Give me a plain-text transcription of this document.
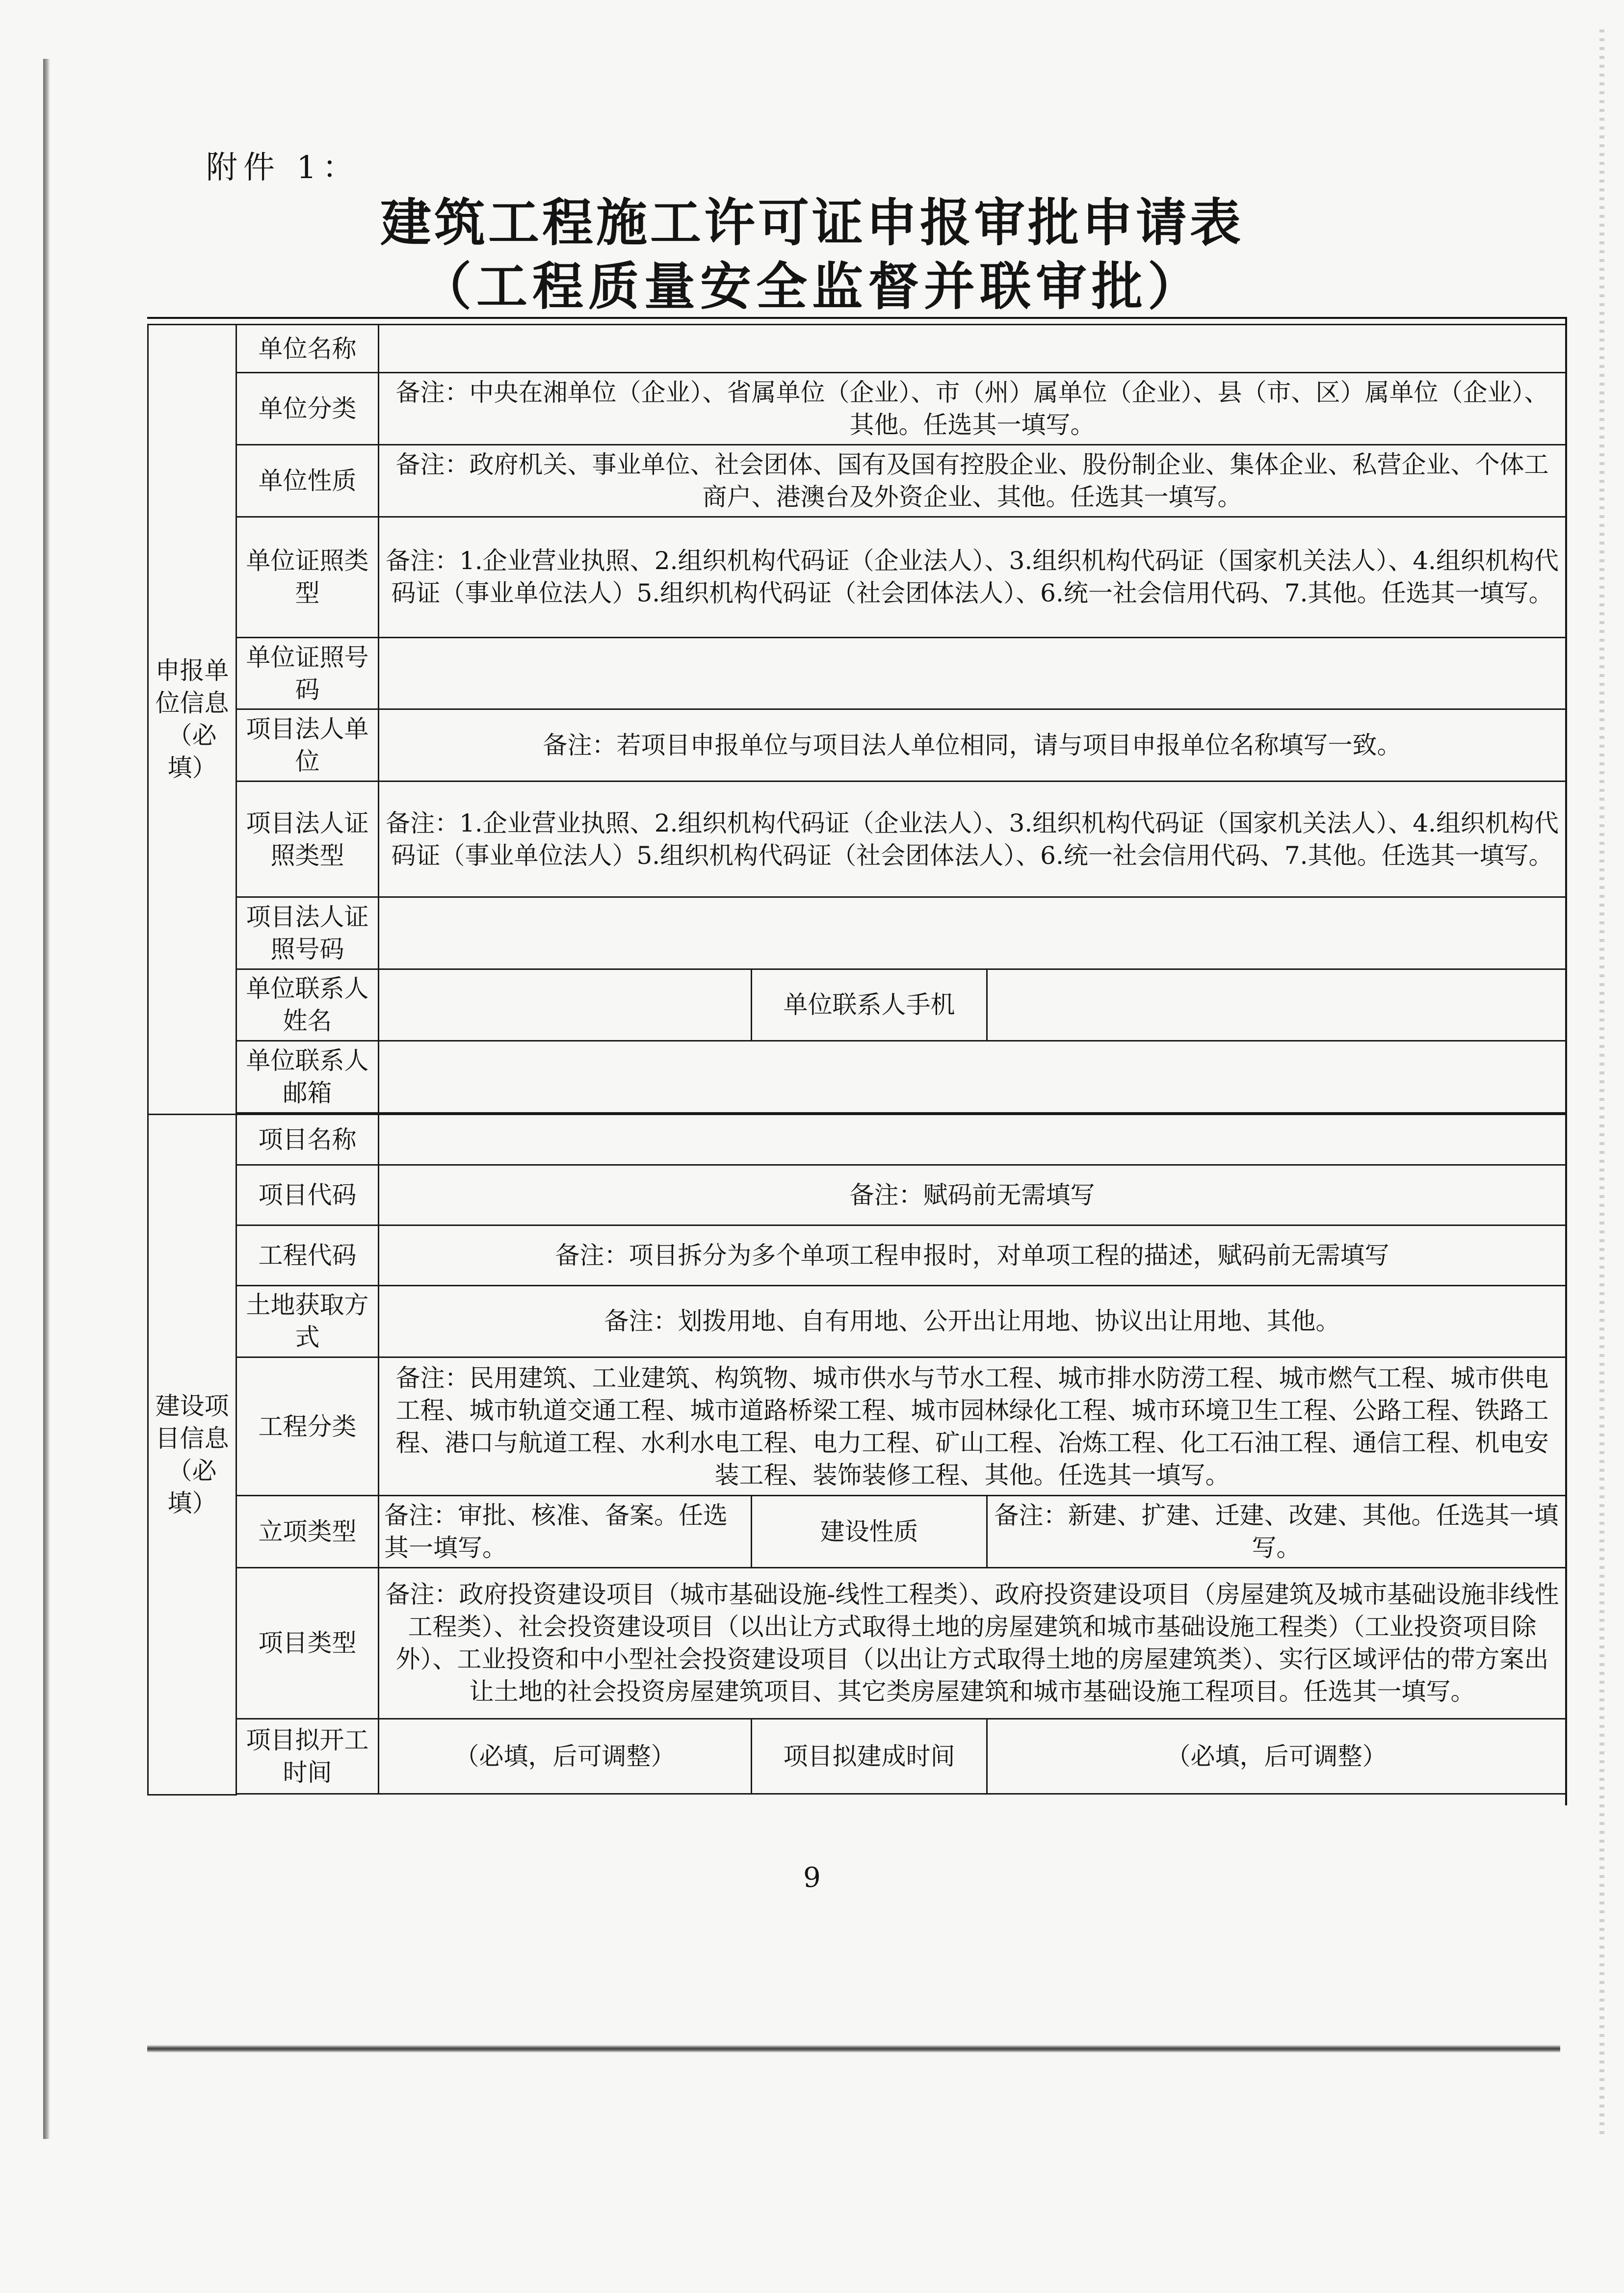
附件 1：
建筑工程施工许可证申报审批申请表
（工程质量安全监督并联审批）
申报单位信息（必填）	单位名称			
	单位分类	备注：中央在湘单位（企业）、省属单位（企业）、市（州）属单位（企业）、县（市、区）属单位（企业）、其他。任选其一填写。		
	单位性质	备注：政府机关、事业单位、社会团体、国有及国有控股企业、股份制企业、集体企业、私营企业、个体工商户、港澳台及外资企业、其他。任选其一填写。		
	单位证照类型	备注：1.企业营业执照、2.组织机构代码证（企业法人）、3.组织机构代码证（国家机关法人）、4.组织机构代码证（事业单位法人）5.组织机构代码证（社会团体法人）、6.统一社会信用代码、7.其他。任选其一填写。		
	单位证照号码			
	项目法人单位	备注：若项目申报单位与项目法人单位相同，请与项目申报单位名称填写一致。		
	项目法人证照类型	备注：1.企业营业执照、2.组织机构代码证（企业法人）、3.组织机构代码证（国家机关法人）、4.组织机构代码证（事业单位法人）5.组织机构代码证（社会团体法人）、6.统一社会信用代码、7.其他。任选其一填写。		
	项目法人证照号码			
	单位联系人姓名		单位联系人手机	
	单位联系人邮箱			

建设项目信息（必填）	项目名称			
	项目代码	备注：赋码前无需填写		
	工程代码	备注：项目拆分为多个单项工程申报时，对单项工程的描述，赋码前无需填写		
	土地获取方式	备注：划拨用地、自有用地、公开出让用地、协议出让用地、其他。		
	工程分类	备注：民用建筑、工业建筑、构筑物、城市供水与节水工程、城市排水防涝工程、城市燃气工程、城市供电工程、城市轨道交通工程、城市道路桥梁工程、城市园林绿化工程、城市环境卫生工程、公路工程、铁路工程、港口与航道工程、水利水电工程、电力工程、矿山工程、冶炼工程、化工石油工程、通信工程、机电安装工程、装饰装修工程、其他。任选其一填写。		
	立项类型	备注：审批、核准、备案。任选其一填写。	建设性质	备注：新建、扩建、迁建、改建、其他。任选其一填写。
	项目类型	备注：政府投资建设项目（城市基础设施-线性工程类）、政府投资建设项目（房屋建筑及城市基础设施非线性工程类）、社会投资建设项目（以出让方式取得土地的房屋建筑和城市基础设施工程类）（工业投资项目除外）、工业投资和中小型社会投资建设项目（以出让方式取得土地的房屋建筑类）、实行区域评估的带方案出让土地的社会投资房屋建筑项目、其它类房屋建筑和城市基础设施工程项目。任选其一填写。		
	项目拟开工时间	（必填，后可调整）	项目拟建成时间	（必填，后可调整）

9
